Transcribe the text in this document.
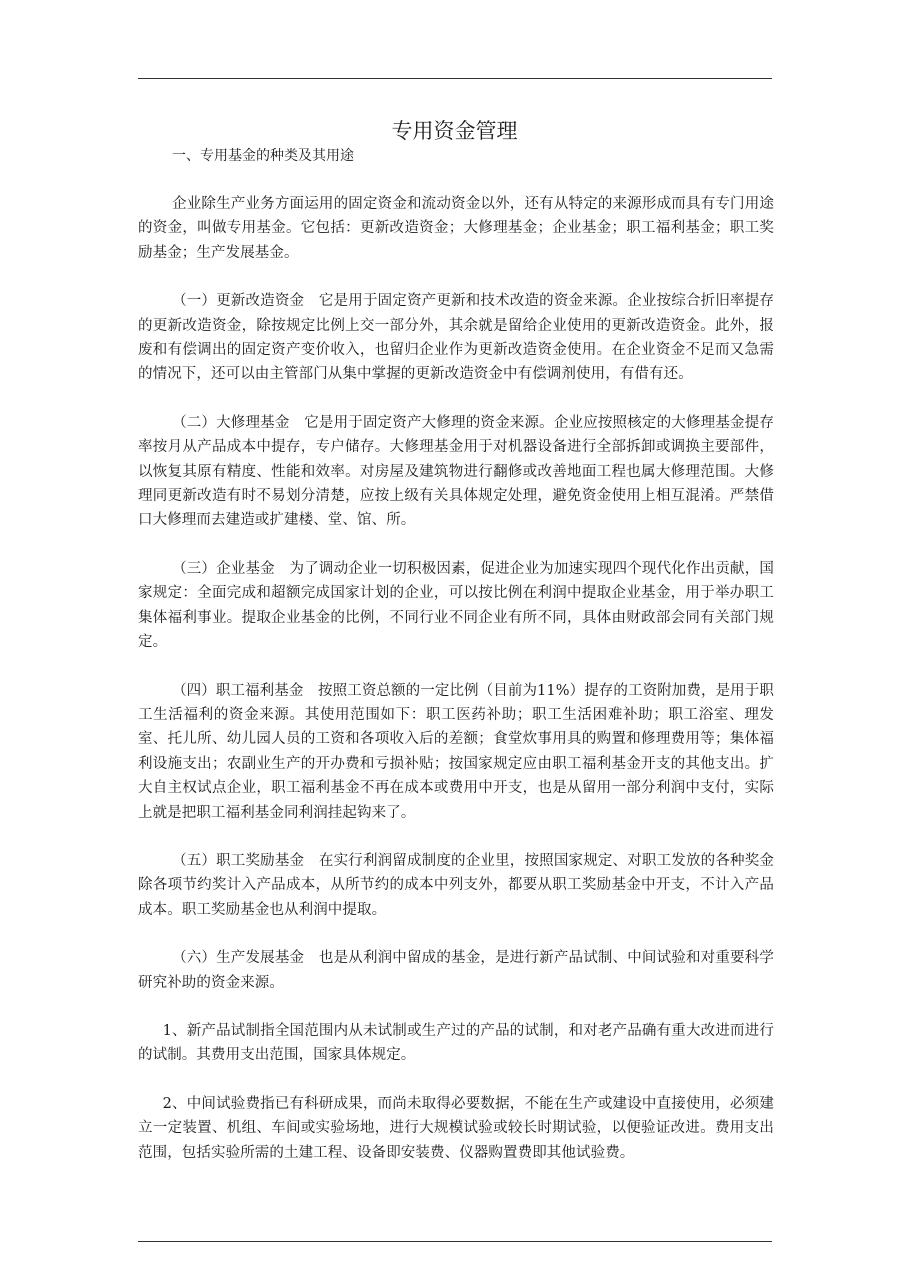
专用资金管理

一、专用基金的种类及其用途

企业除生产业务方面运用的固定资金和流动资金以外，还有从特定的来源形成而具有专门用途的资金，叫做专用基金。它包括：更新改造资金；大修理基金；企业基金；职工福利基金；职工奖励基金；生产发展基金。

（一）更新改造资金　它是用于固定资产更新和技术改造的资金来源。企业按综合折旧率提存的更新改造资金，除按规定比例上交一部分外，其余就是留给企业使用的更新改造资金。此外，报废和有偿调出的固定资产变价收入，也留归企业作为更新改造资金使用。在企业资金不足而又急需的情况下，还可以由主管部门从集中掌握的更新改造资金中有偿调剂使用，有借有还。

（二）大修理基金　它是用于固定资产大修理的资金来源。企业应按照核定的大修理基金提存率按月从产品成本中提存，专户储存。大修理基金用于对机器设备进行全部拆卸或调换主要部件，以恢复其原有精度、性能和效率。对房屋及建筑物进行翻修或改善地面工程也属大修理范围。大修理同更新改造有时不易划分清楚，应按上级有关具体规定处理，避免资金使用上相互混淆。严禁借口大修理而去建造或扩建楼、堂、馆、所。

（三）企业基金　为了调动企业一切积极因素，促进企业为加速实现四个现代化作出贡献，国家规定：全面完成和超额完成国家计划的企业，可以按比例在利润中提取企业基金，用于举办职工集体福利事业。提取企业基金的比例，不同行业不同企业有所不同，具体由财政部会同有关部门规定。

（四）职工福利基金　按照工资总额的一定比例（目前为11%）提存的工资附加费，是用于职工生活福利的资金来源。其使用范围如下：职工医药补助；职工生活困难补助；职工浴室、理发室、托儿所、幼儿园人员的工资和各项收入后的差额；食堂炊事用具的购置和修理费用等；集体福利设施支出；农副业生产的开办费和亏损补贴；按国家规定应由职工福利基金开支的其他支出。扩大自主权试点企业，职工福利基金不再在成本或费用中开支，也是从留用一部分利润中支付，实际上就是把职工福利基金同利润挂起钩来了。

（五）职工奖励基金　在实行利润留成制度的企业里，按照国家规定、对职工发放的各种奖金除各项节约奖计入产品成本，从所节约的成本中列支外，都要从职工奖励基金中开支，不计入产品成本。职工奖励基金也从利润中提取。

（六）生产发展基金　也是从利润中留成的基金，是进行新产品试制、中间试验和对重要科学研究补助的资金来源。

1、新产品试制指全国范围内从未试制或生产过的产品的试制，和对老产品确有重大改进而进行的试制。其费用支出范围，国家具体规定。

2、中间试验费指已有科研成果，而尚未取得必要数据，不能在生产或建设中直接使用，必须建立一定装置、机组、车间或实验场地，进行大规模试验或较长时期试验，以便验证改进。费用支出范围，包括实验所需的土建工程、设备即安装费、仪器购置费即其他试验费。
